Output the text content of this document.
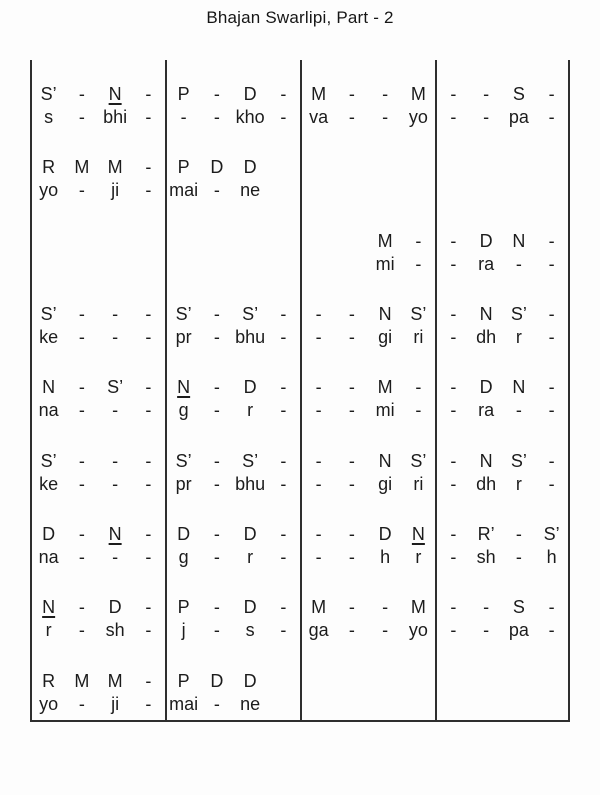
Bhajan Swarlipi, Part - 2
S’ - N -
s - bhi -
P - D -
- - kho -
M - - M
va - - yo
- - S -
- - pa -
R M M -
yo - ji -
P D D
mai - ne
M -
mi -
- D N -
- ra - -
S’ - - -
ke - - -
S’ - S’ -
pr - bhu -
- - N S’
- - gi ri
- N S’ -
- dh r -
N - S’ -
na - - -
N - D -
g - r -
- - M -
- - mi -
- D N -
- ra - -
S’ - - -
ke - - -
S’ - S’ -
pr - bhu -
- - N S’
- - gi ri
- N S’ -
- dh r -
D - N -
na - - -
D - D -
g - r -
- - D N
- - h r
- R’ - S’
- sh - h
N - D -
r - sh -
P - D -
j - s -
M - - M
ga - - yo
- - S -
- - pa -
R M M -
yo - ji -
P D D
mai - ne
